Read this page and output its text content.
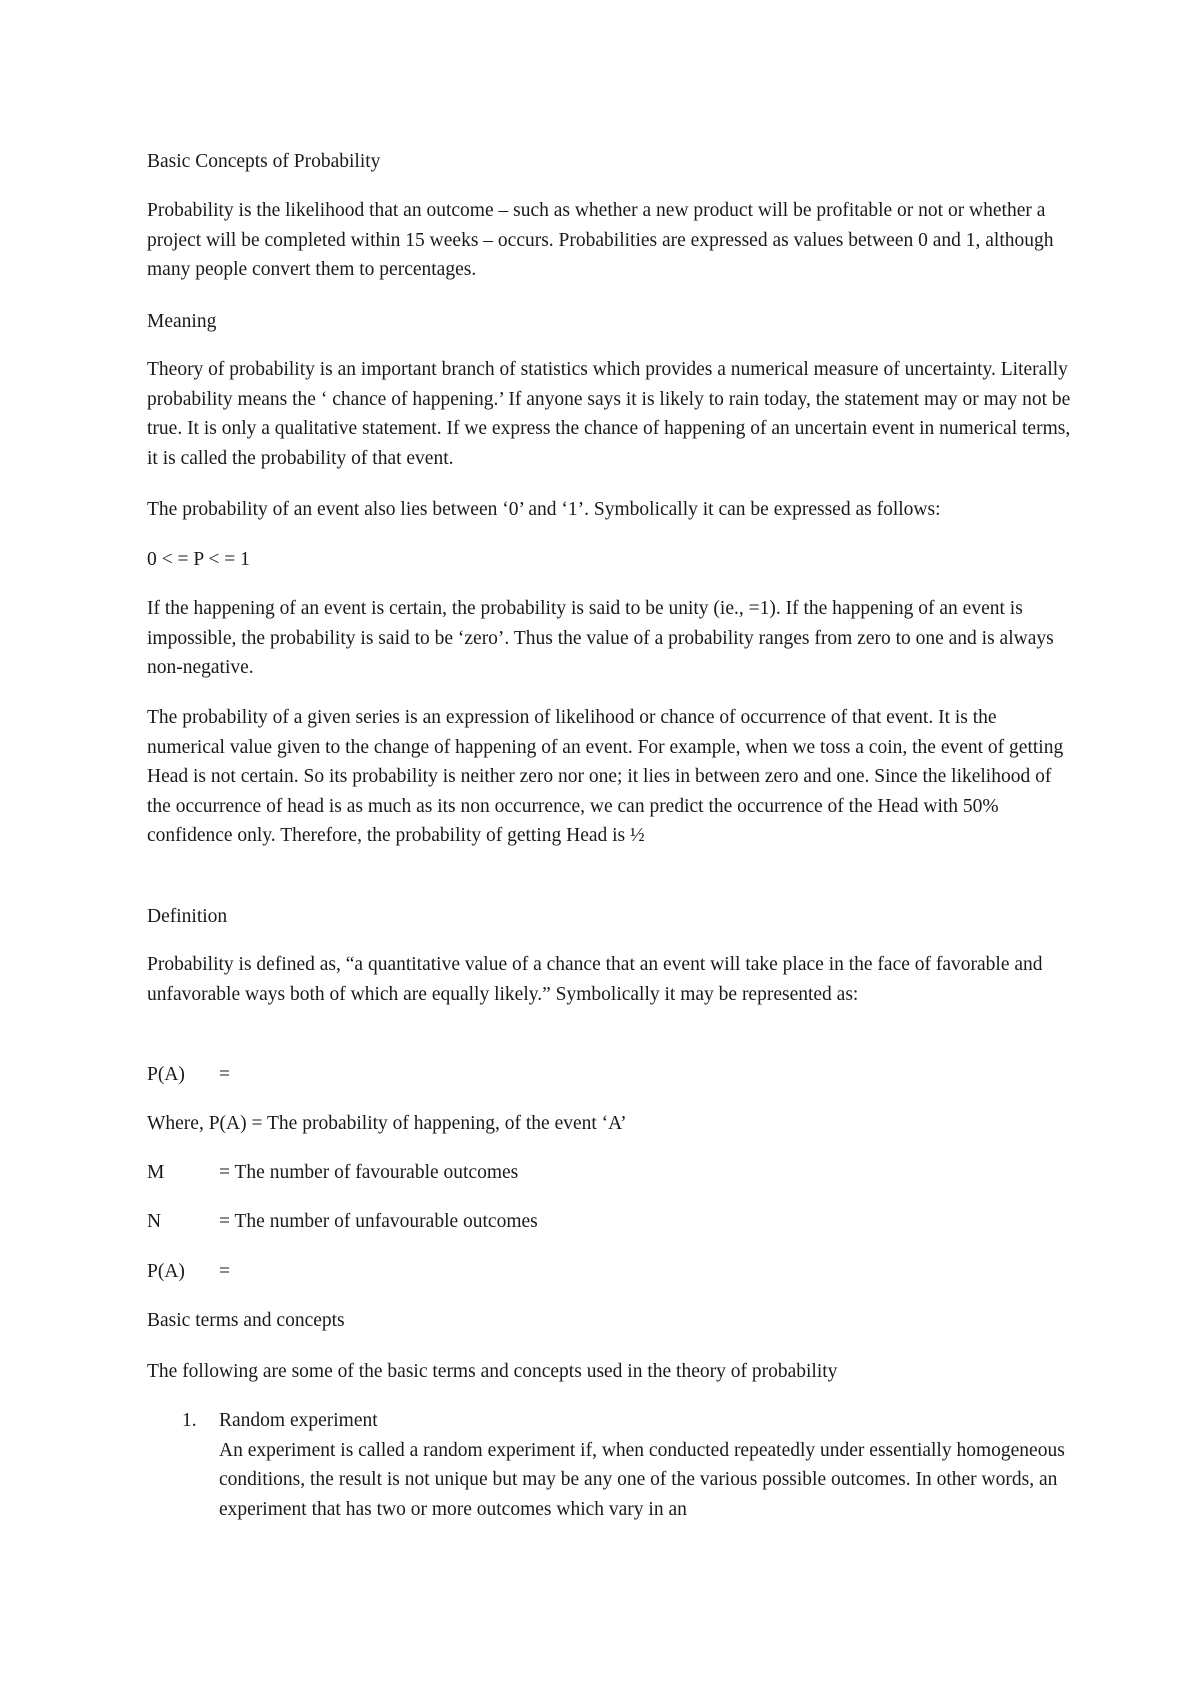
Basic Concepts of Probability

Probability is the likelihood that an outcome – such as whether a new product will be profitable or not or whether a project will be completed within 15 weeks – occurs. Probabilities are expressed as values between 0 and 1, although many people convert them to percentages.

Meaning

Theory of probability is an important branch of statistics which provides a numerical measure of uncertainty. Literally probability means the ‘ chance of happening.’ If anyone says it is likely to rain today, the statement may or may not be true. It is only a qualitative statement. If we express the chance of happening of an uncertain event in numerical terms, it is called the probability of that event.

The probability of an event also lies between ‘0’ and ‘1’. Symbolically it can be expressed as follows:

0 < = P < = 1

If the happening of an event is certain, the probability is said to be unity (ie., =1). If the happening of an event is impossible, the probability is said to be ‘zero’. Thus the value of a probability ranges from zero to one and is always non-negative.

The probability of a given series is an expression of likelihood or chance of occurrence of that event. It is the numerical value given to the change of happening of an event. For example, when we toss a coin, the event of getting Head is not certain. So its probability is neither zero nor one; it lies in between zero and one. Since the likelihood of the occurrence of head is as much as its non occurrence, we can predict the occurrence of the Head with 50% confidence only. Therefore, the probability of getting Head is ½

Definition

Probability is defined as, “a quantitative value of a chance that an event will take place in the face of favorable and unfavorable ways both of which are equally likely.” Symbolically it may be represented as:

P(A) =
Where, P(A) = The probability of happening, of the event ‘A’
M	= The number of favourable outcomes
N	= The number of unfavourable outcomes
P(A) =

Basic terms and concepts

The following are some of the basic terms and concepts used in the theory of probability

1. Random experiment
An experiment is called a random experiment if, when conducted repeatedly under essentially homogeneous conditions, the result is not unique but may be any one of the various possible outcomes. In other words, an experiment that has two or more outcomes which vary in an
